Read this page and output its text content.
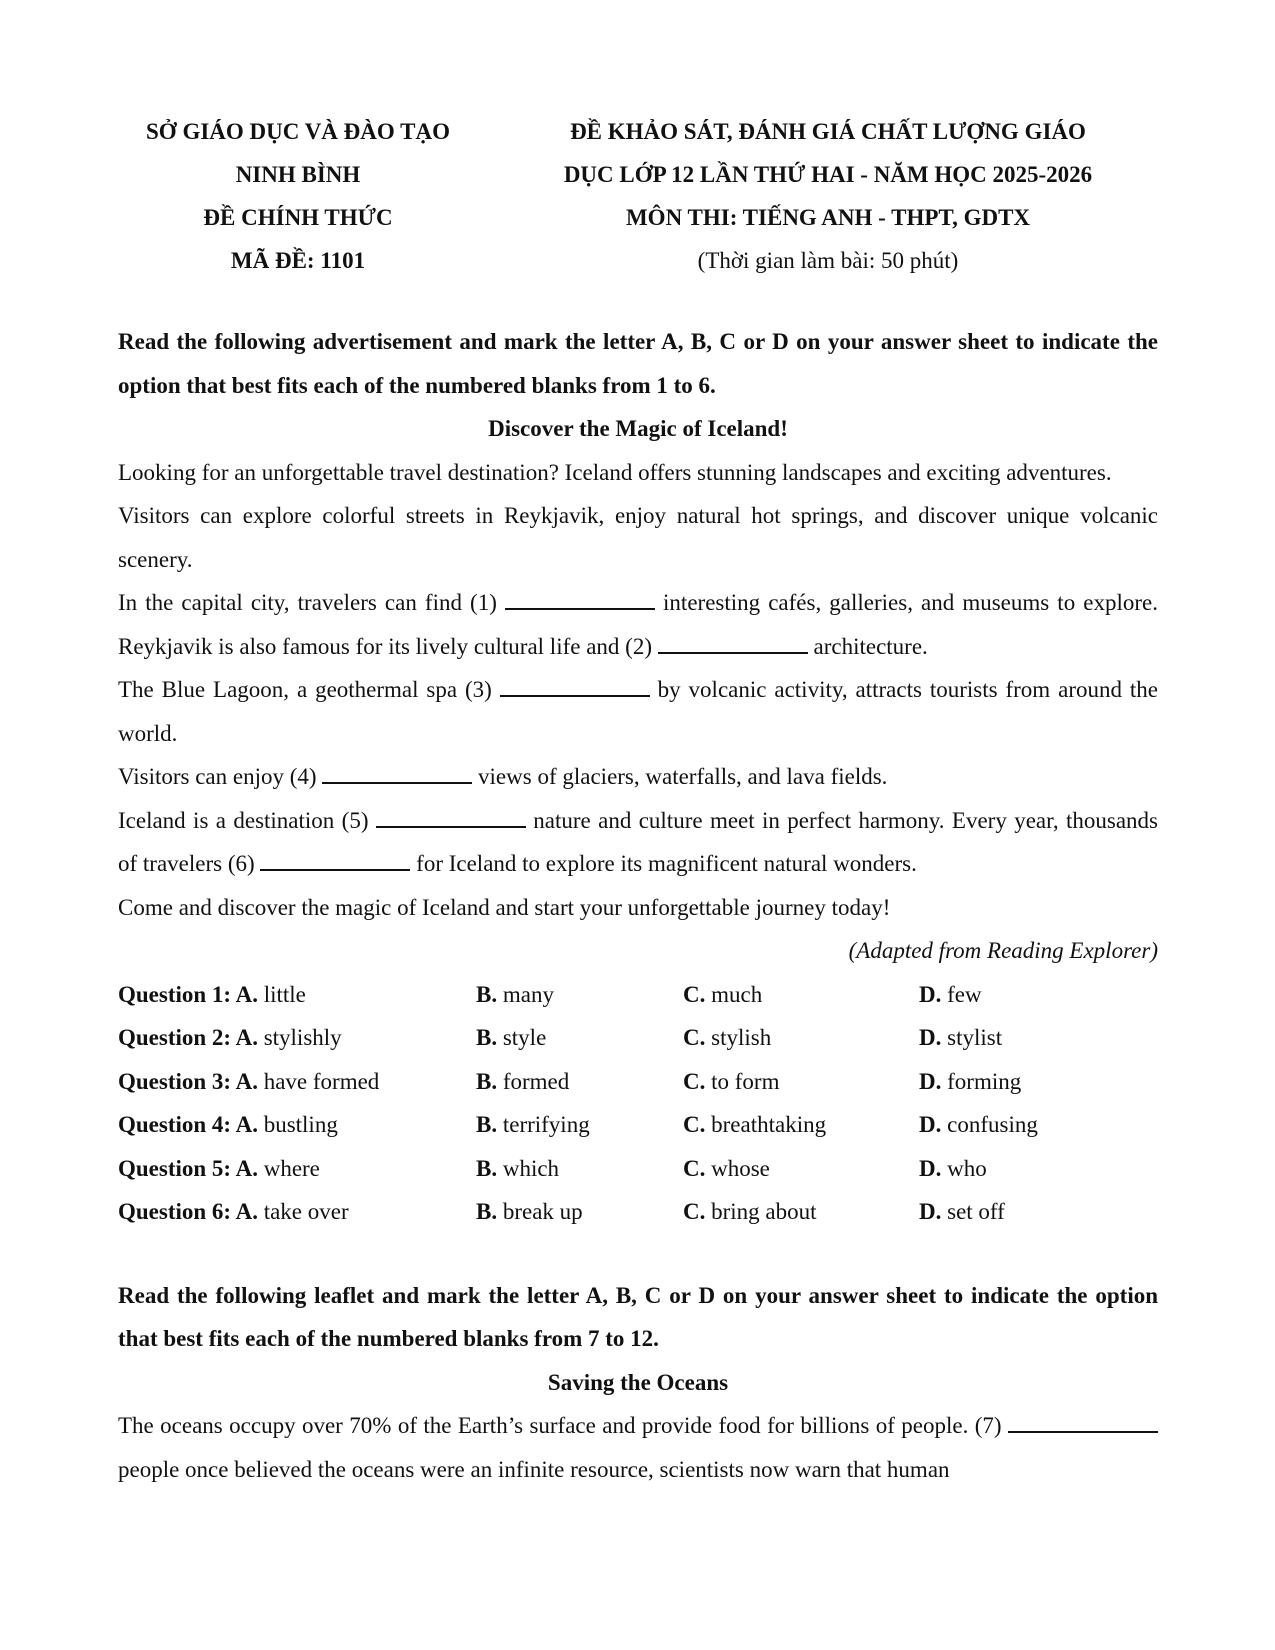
SỞ GIÁO DỤC VÀ ĐÀO TẠO
NINH BÌNH
ĐỀ CHÍNH THỨC
MÃ ĐỀ: 1101
ĐỀ KHẢO SÁT, ĐÁNH GIÁ CHẤT LƯỢNG GIÁO
DỤC LỚP 12 LẦN THỨ HAI - NĂM HỌC 2025-2026
MÔN THI: TIẾNG ANH - THPT, GDTX
(Thời gian làm bài: 50 phút)
Read the following advertisement and mark the letter A, B, C or D on your answer sheet to indicate the option that best fits each of the numbered blanks from 1 to 6.
Discover the Magic of Iceland!

Looking for an unforgettable travel destination? Iceland offers stunning landscapes and exciting adventures.

Visitors can explore colorful streets in Reykjavik, enjoy natural hot springs, and discover unique volcanic scenery.

In the capital city, travelers can find (1)	interesting cafés, galleries, and museums to explore. Reykjavik is also famous for its lively cultural life and (2)	architecture.

The Blue Lagoon, a geothermal spa (3)	by volcanic activity, attracts tourists from around the world.

Visitors can enjoy (4)	views of glaciers, waterfalls, and lava fields.

Iceland is a destination (5)	nature and culture meet in perfect harmony. Every year, thousands of travelers (6)	for Iceland to explore its magnificent natural wonders.

Come and discover the magic of Iceland and start your unforgettable journey today!

(Adapted from Reading Explorer)
Question 1: A. little	B. many	C. much	D. few
Question 2: A. stylishly	B. style	C. stylish	D. stylist
Question 3: A. have formed	B. formed	C. to form	D. forming
Question 4: A. bustling	B. terrifying	C. breathtaking	D. confusing
Question 5: A. where	B. which	C. whose	D. who
Question 6: A. take over	B. break up	C. bring about	D. set off
Read the following leaflet and mark the letter A, B, C or D on your answer sheet to indicate the option that best fits each of the numbered blanks from 7 to 12.
Saving the Oceans

The oceans occupy over 70% of the Earth’s surface and provide food for billions of people. (7)  people once believed the oceans were an infinite resource, scientists now warn that human
